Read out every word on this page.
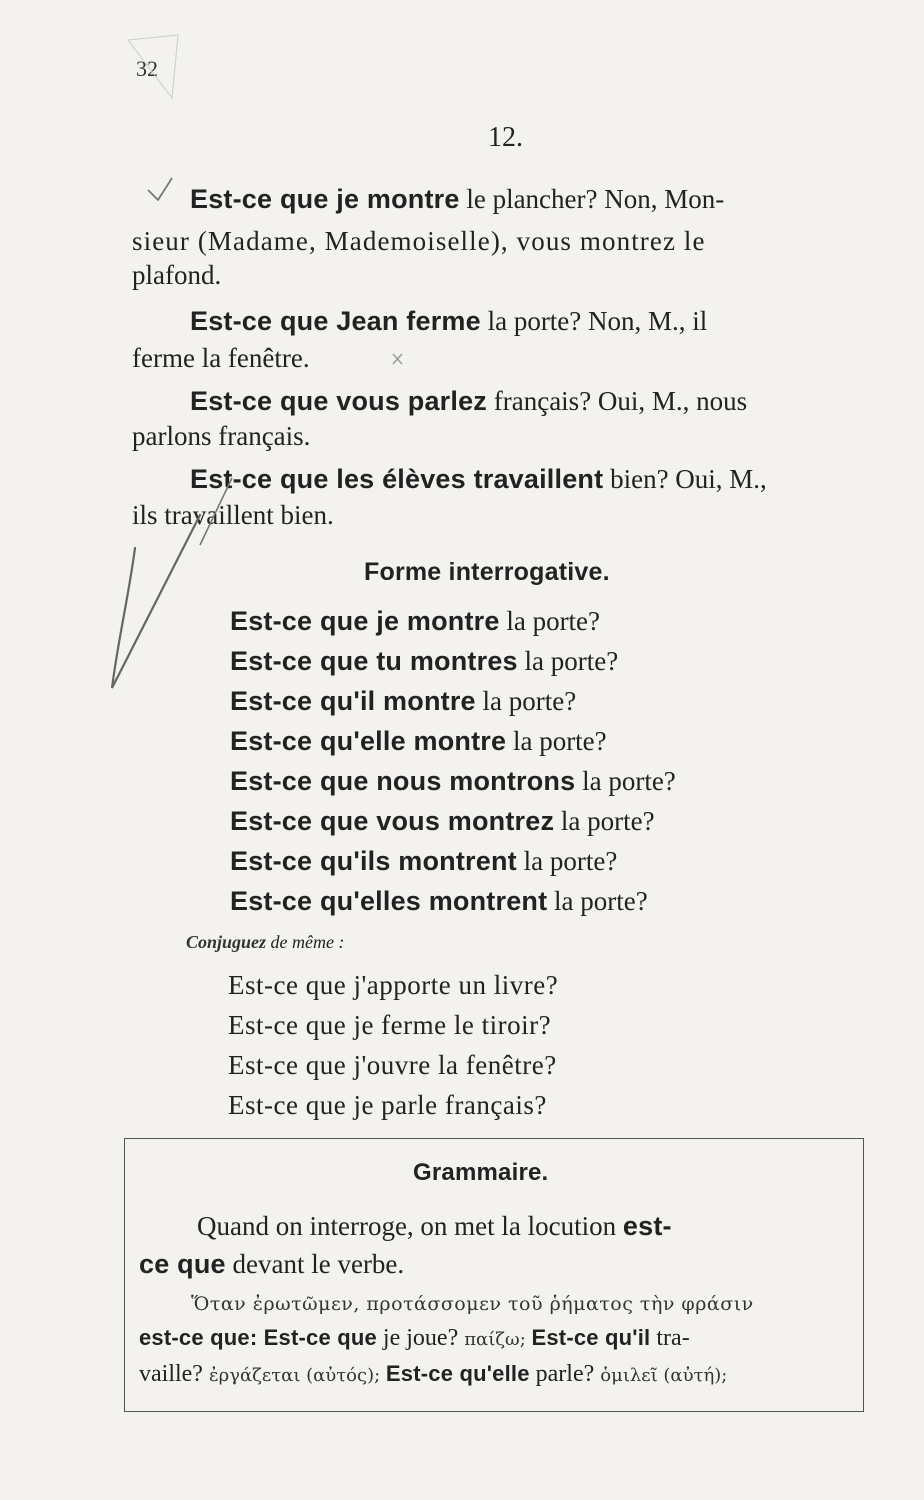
32
12.
Est-ce que je montre le plancher? Non, Mon-
sieur (Madame, Mademoiselle), vous montrez le
plafond.
Est-ce que Jean ferme la porte? Non, M., il
ferme la fenêtre.
Est-ce que vous parlez français? Oui, M., nous
parlons français.
Est-ce que les élèves travaillent bien? Oui, M.,
ils travaillent bien.
Forme interrogative.
Est-ce que je montre la porte?
Est-ce que tu montres la porte?
Est-ce qu'il montre la porte?
Est-ce qu'elle montre la porte?
Est-ce que nous montrons la porte?
Est-ce que vous montrez la porte?
Est-ce qu'ils montrent la porte?
Est-ce qu'elles montrent la porte?
Conjuguez de même :
Est-ce que j'apporte un livre?
Est-ce que je ferme le tiroir?
Est-ce que j'ouvre la fenêtre?
Est-ce que je parle français?
Grammaire.
Quand on interroge, on met la locution est-
ce que devant le verbe.
Ὅταν ἐρωτῶμεν, προτάσσομεν τοῦ ῥήματος τὴν φράσιν
est-ce que: Est-ce que je joue? παίζω; Est-ce qu'il tra-
vaille? ἐργάζεται (αὐτός); Est-ce qu'elle parle? ὁμιλεῖ (αὐτή);
